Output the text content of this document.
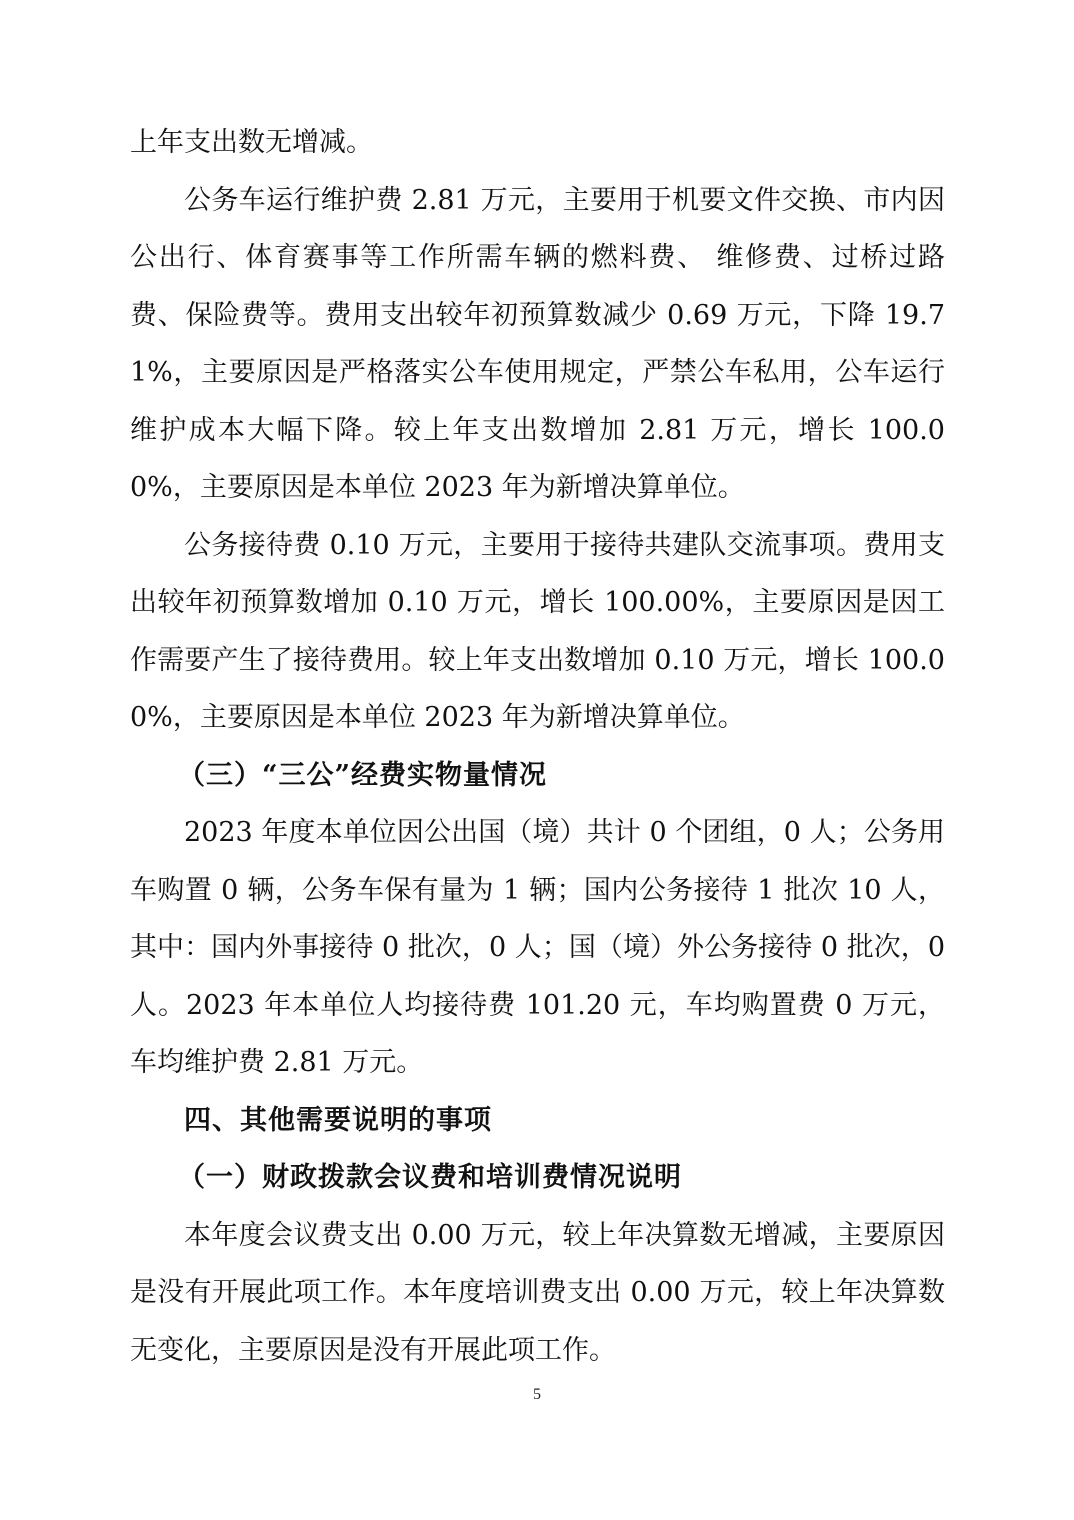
上年支出数无增减。

公务车运行维护费 2.81 万元，主要用于机要文件交换、市内因公出行、体育赛事等工作所需车辆的燃料费、 维修费、过桥过路费、保险费等。费用支出较年初预算数减少 0.69 万元，下降 19.71%，主要原因是严格落实公车使用规定，严禁公车私用，公车运行维护成本大幅下降。较上年支出数增加 2.81 万元，增长 100.00%，主要原因是本单位 2023 年为新增决算单位。

公务接待费 0.10 万元，主要用于接待共建队交流事项。费用支出较年初预算数增加 0.10 万元，增长 100.00%，主要原因是因工作需要产生了接待费用。较上年支出数增加 0.10 万元，增长 100.00%，主要原因是本单位 2023 年为新增决算单位。

（三）“三公”经费实物量情况

2023 年度本单位因公出国（境）共计 0 个团组，0 人；公务用车购置 0 辆，公务车保有量为 1 辆；国内公务接待 1 批次 10 人，其中：国内外事接待 0 批次，0 人；国（境）外公务接待 0 批次，0 人。2023 年本单位人均接待费 101.20 元，车均购置费 0 万元，车均维护费 2.81 万元。

四、其他需要说明的事项

（一）财政拨款会议费和培训费情况说明

本年度会议费支出 0.00 万元，较上年决算数无增减，主要原因是没有开展此项工作。本年度培训费支出 0.00 万元，较上年决算数无变化，主要原因是没有开展此项工作。

5
